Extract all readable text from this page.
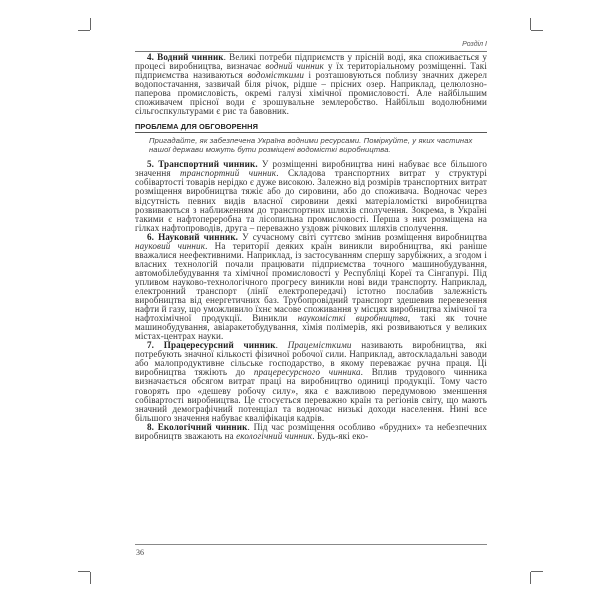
Розділ I

4. Водний чинник. Великі потреби підприємств у прісній воді, яка споживається у процесі виробництва, визначає водний чинник у їх територіальному розміщенні. Такі підприємства називаються водомісткими і розташовуються поблизу значних джерел водопостачання, зазвичай біля річок, рідше – прісних озер. Наприклад, целюлозно-паперова промисловість, окремі галузі хімічної промисловості. Але найбільшим споживачем прісної води є зрошувальне землеробство. Найбільш водолюбними сільгоспкультурами є рис та бавовник.

ПРОБЛЕМА ДЛЯ ОБГОВОРЕННЯ
Пригадайте, як забезпечена Україна водними ресурсами. Поміркуйте, у яких частинах нашої держави можуть бути розміщені водомісткі виробництва.

5. Транспортний чинник. У розміщенні виробництва нині набуває все більшого значення транспортний чинник. Складова транспортних витрат у структурі собівартості товарів нерідко є дуже високою. Залежно від розмірів транспортних витрат розміщення виробництва тяжіє або до сировини, або до споживача. Водночас через відсутність певних видів власної сировини деякі матеріаломісткі виробництва розвиваються з наближенням до транспортних шляхів сполучення. Зокрема, в Україні такими є нафтопереробна та лісопильна промисловості. Перша з них розміщена на гілках нафтопроводів, друга – переважно уздовж річкових шляхів сполучення.

6. Науковий чинник. У сучасному світі суттєво змінив розміщення виробництва науковий чинник. На території деяких країн виникли виробництва, які раніше вважалися неефективними. Наприклад, із застосуванням спершу зарубіжних, а згодом і власних технологій почали працювати підприємства точного машинобудування, автомобілебудування та хімічної промисловості у Республіці Кореї та Сінгапурі. Під упливом науково-технологічного прогресу виникли нові види транспорту. Наприклад, електронний транспорт (лінії електропередачі) істотно послабив залежність виробництва від енергетичних баз. Трубопровідний транспорт здешевив перевезення нафти й газу, що уможливило їхнє масове споживання у місцях виробництва хімічної та нафтохімічної продукції. Виникли наукомісткі виробництва, такі як точне машинобудування, авіаракетобудування, хімія полімерів, які розвиваються у великих містах-центрах науки.

7. Працересурсний чинник. Працемісткими називають виробництва, які потребують значної кількості фізичної робочої сили. Наприклад, автоскладальні заводи або малопродуктивне сільське господарство, в якому переважає ручна праця. Ці виробництва тяжіють до працересурсного чинника. Вплив трудового чинника визначається обсягом витрат праці на виробництво одиниці продукції. Тому часто говорять про «дешеву робочу силу», яка є важливою передумовою зменшення собівартості виробництва. Це стосується переважно країн та регіонів світу, що мають значний демографічний потенціал та водночас низькі доходи населення. Нині все більшого значення набуває кваліфікація кадрів.

8. Екологічний чинник. Під час розміщення особливо «брудних» та небезпечних виробництв зважають на екологічний чинник. Будь-які еко-

36
